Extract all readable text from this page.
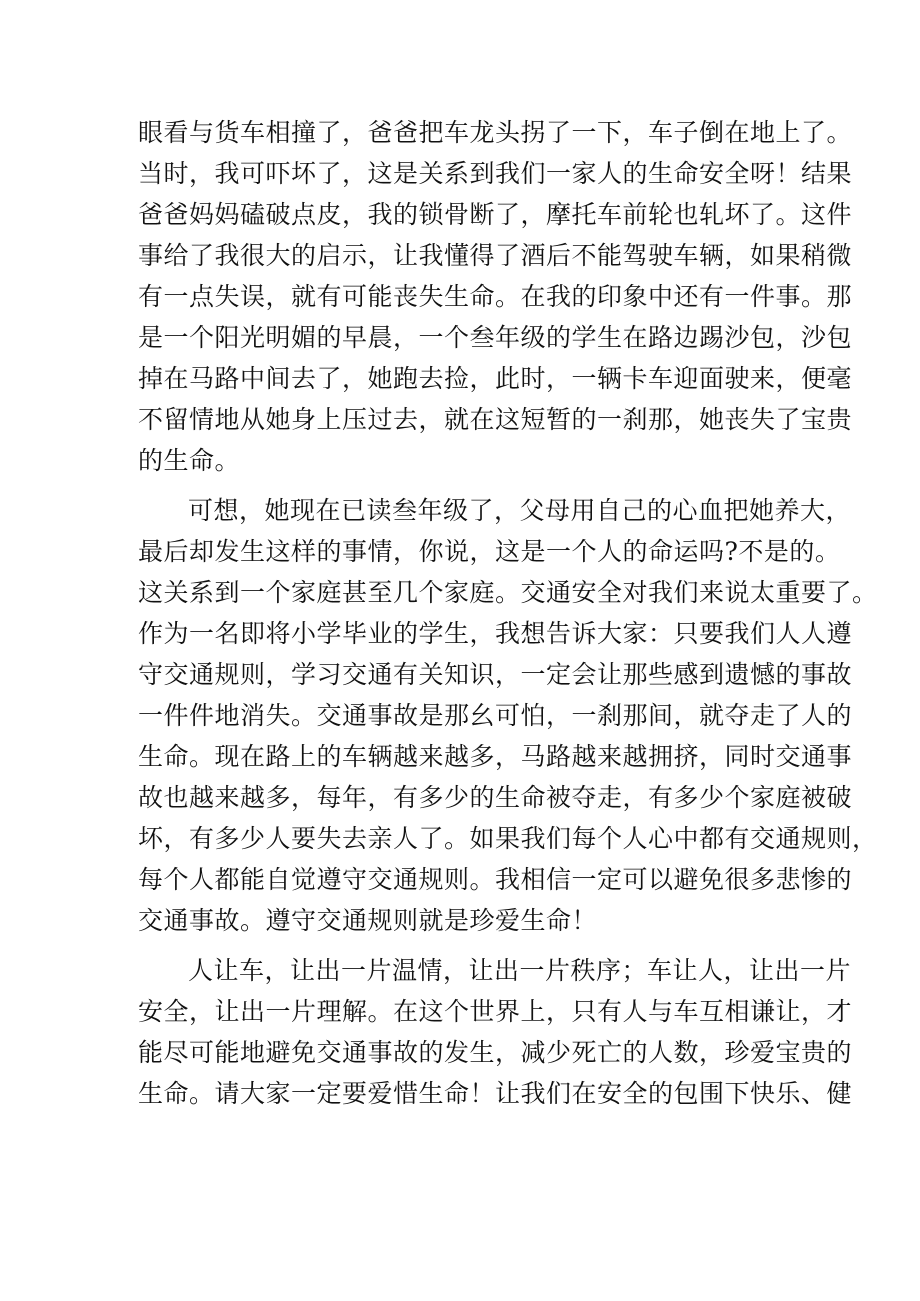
眼看与货车相撞了，爸爸把车龙头拐了一下，车子倒在地上了。
当时，我可吓坏了，这是关系到我们一家人的生命安全呀！结果
爸爸妈妈磕破点皮，我的锁骨断了，摩托车前轮也轧坏了。这件
事给了我很大的启示，让我懂得了酒后不能驾驶车辆，如果稍微
有一点失误，就有可能丧失生命。在我的印象中还有一件事。那
是一个阳光明媚的早晨，一个叁年级的学生在路边踢沙包，沙包
掉在马路中间去了，她跑去捡，此时，一辆卡车迎面驶来，便毫
不留情地从她身上压过去，就在这短暂的一刹那，她丧失了宝贵
的生命。
可想，她现在已读叁年级了，父母用自己的心血把她养大，
最后却发生这样的事情，你说，这是一个人的命运吗?不是的。
这关系到一个家庭甚至几个家庭。交通安全对我们来说太重要了。
作为一名即将小学毕业的学生，我想告诉大家：只要我们人人遵
守交通规则，学习交通有关知识，一定会让那些感到遗憾的事故
一件件地消失。交通事故是那幺可怕，一刹那间，就夺走了人的
生命。现在路上的车辆越来越多，马路越来越拥挤，同时交通事
故也越来越多，每年，有多少的生命被夺走，有多少个家庭被破
坏，有多少人要失去亲人了。如果我们每个人心中都有交通规则，
每个人都能自觉遵守交通规则。我相信一定可以避免很多悲惨的
交通事故。遵守交通规则就是珍爱生命！
人让车，让出一片温情，让出一片秩序；车让人，让出一片
安全，让出一片理解。在这个世界上，只有人与车互相谦让，才
能尽可能地避免交通事故的发生，减少死亡的人数，珍爱宝贵的
生命。请大家一定要爱惜生命！让我们在安全的包围下快乐、健
